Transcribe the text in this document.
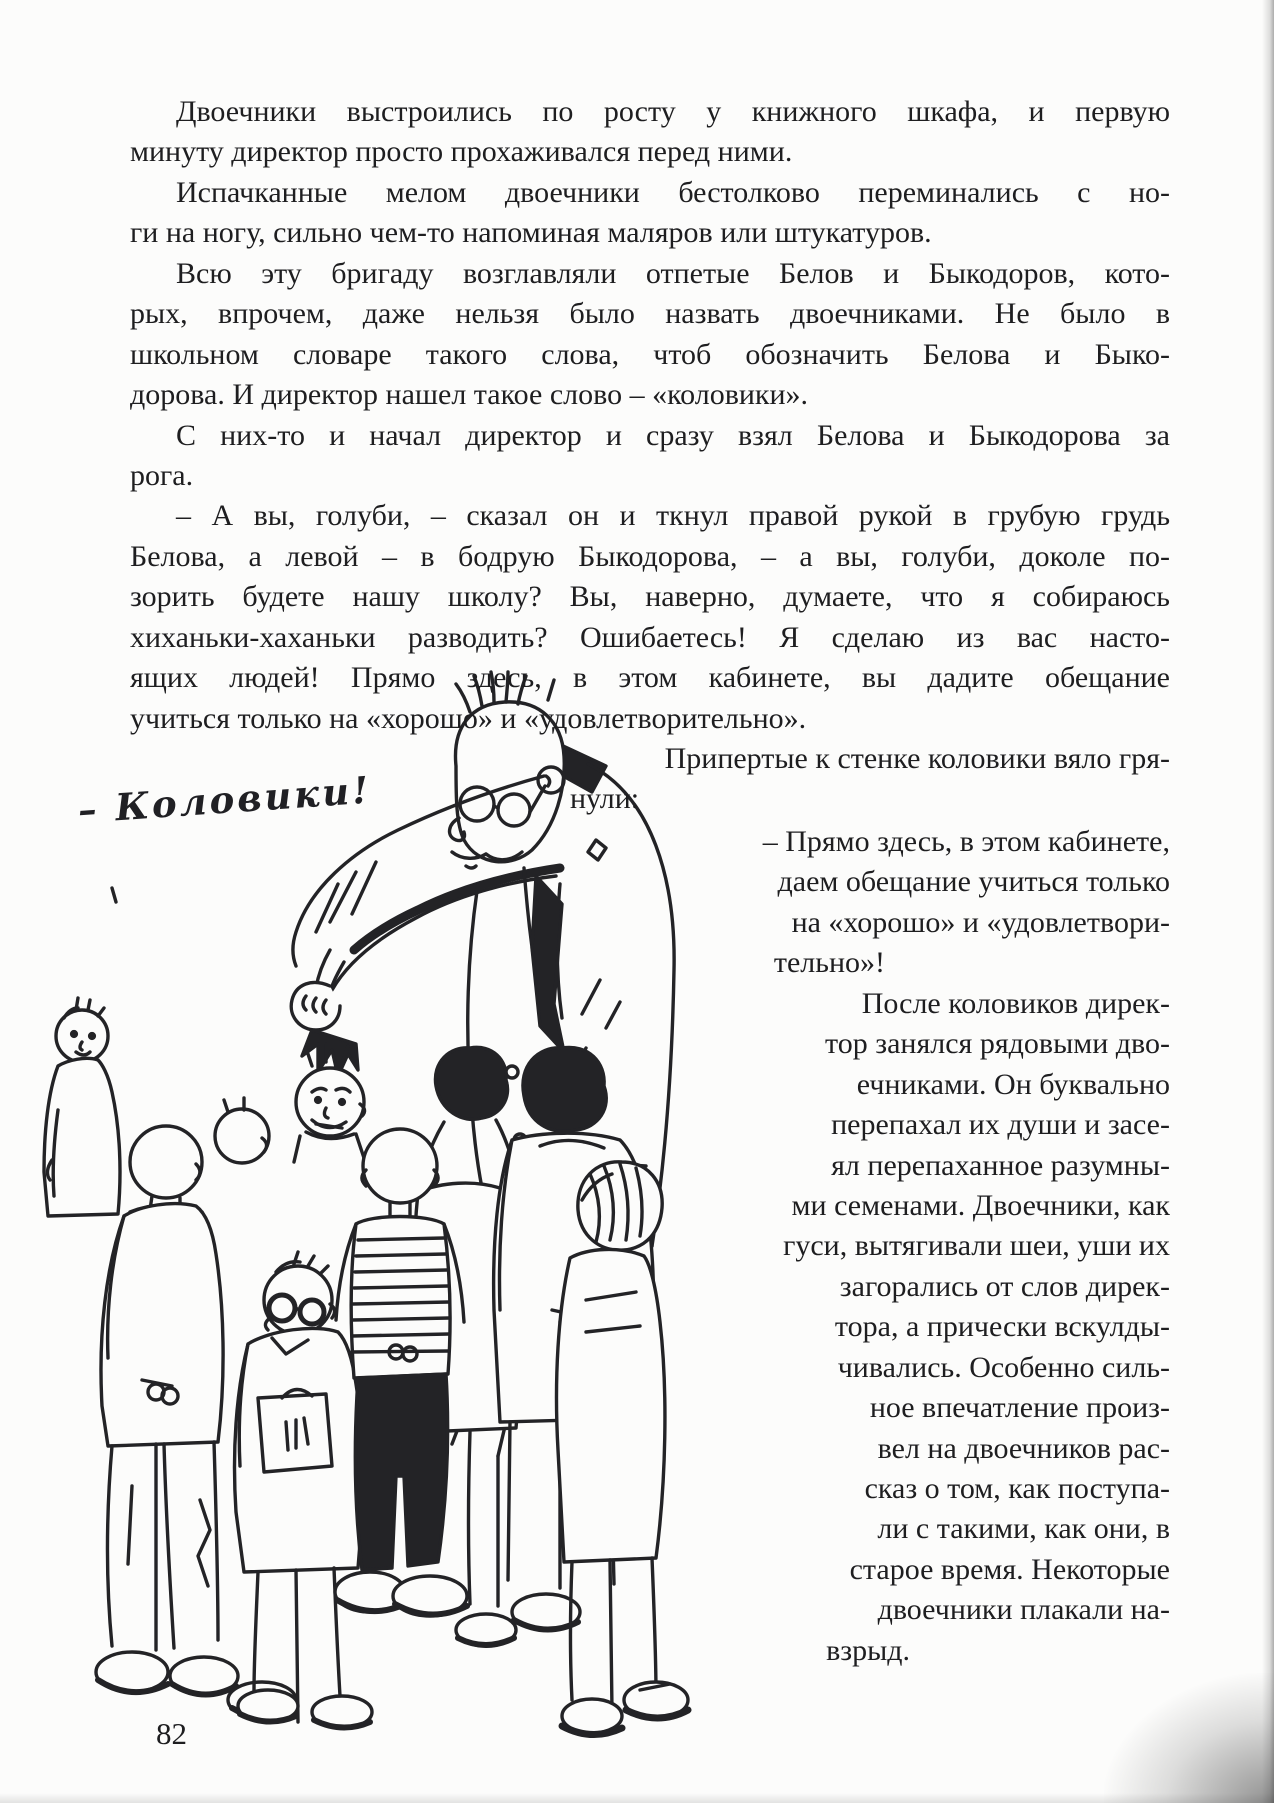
– Коловики!
Двоечники выстроились по росту у книжного шкафа, и первую
минуту директор просто прохаживался перед ними.
Испачканные мелом двоечники бестолково переминались с но-
ги на ногу, сильно чем-то напоминая маляров или штукатуров.
Всю эту бригаду возглавляли отпетые Белов и Быкодоров, кото-
рых, впрочем, даже нельзя было назвать двоечниками. Не было в
школьном словаре такого слова, чтоб обозначить Белова и Быко-
дорова. И директор нашел такое слово – «коловики».
С них-то и начал директор и сразу взял Белова и Быкодорова за
рога.
– А вы, голуби, – сказал он и ткнул правой рукой в грубую грудь
Белова, а левой – в бодрую Быкодорова, – а вы, голуби, доколе по-
зорить будете нашу школу? Вы, наверно, думаете, что я собираюсь
хиханьки-хаханьки разводить? Ошибаетесь! Я сделаю из вас насто-
ящих людей! Прямо здесь, в этом кабинете, вы дадите обещание
учиться только на «хорошо» и «удовлетворительно».
Припертые к стенке коловики вяло гря-
нули:
– Прямо здесь, в этом кабинете,
даем обещание учиться только
на «хорошо» и «удовлетвори-
тельно»!
После коловиков дирек-
тор занялся рядовыми дво-
ечниками. Он буквально
перепахал их души и засе-
ял перепаханное разумны-
ми семенами. Двоечники, как
гуси, вытягивали шеи, уши их
загорались от слов дирек-
тора, а прически вскулды-
чивались. Особенно силь-
ное впечатление произ-
вел на двоечников рас-
сказ о том, как поступа-
ли с такими, как они, в
старое время. Некоторые
двоечники плакали на-
взрыд.
82
